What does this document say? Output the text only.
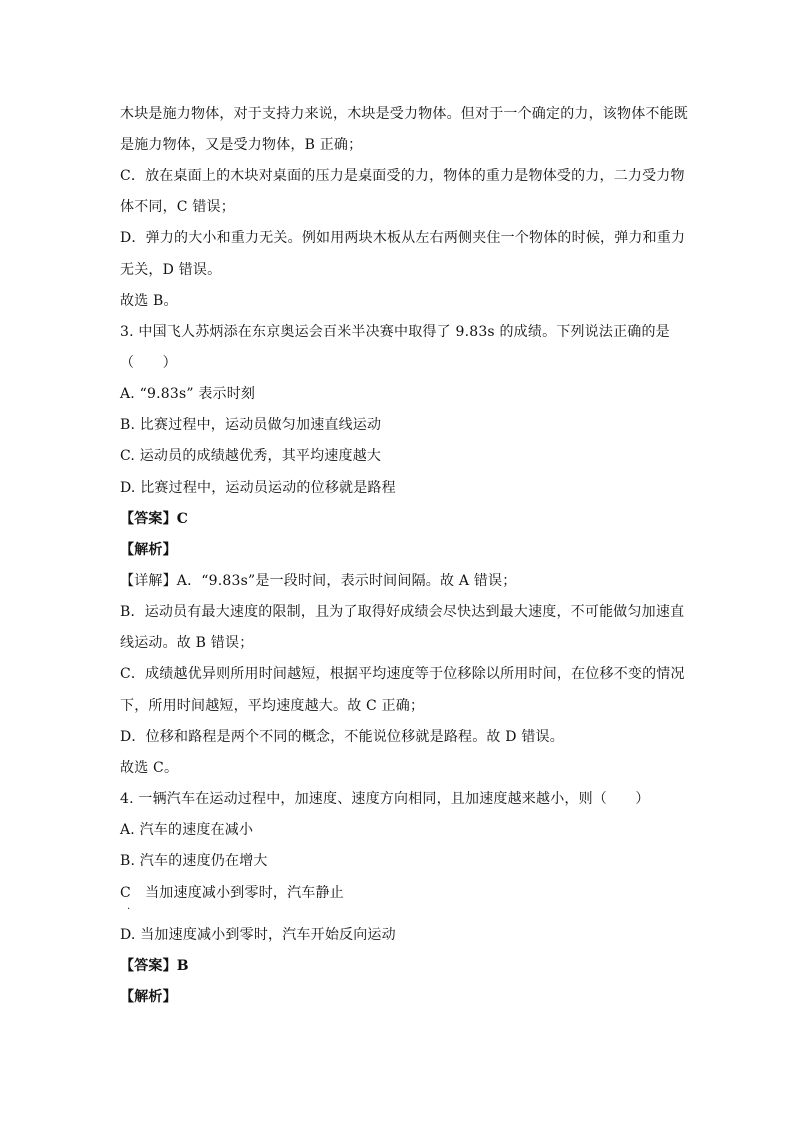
木块是施力物体，对于支持力来说，木块是受力物体。但对于一个确定的力，该物体不能既
是施力物体，又是受力物体，B 正确；
C．放在桌面上的木块对桌面的压力是桌面受的力，物体的重力是物体受的力，二力受力物
体不同，C 错误；
D．弹力的大小和重力无关。例如用两块木板从左右两侧夹住一个物体的时候，弹力和重力
无关，D 错误。
故选 B。
3. 中国飞人苏炳添在东京奥运会百米半决赛中取得了 9.83s 的成绩。下列说法正确的是
（　　）
A. “9.83s” 表示时刻
B. 比赛过程中，运动员做匀加速直线运动
C. 运动员的成绩越优秀，其平均速度越大
D. 比赛过程中，运动员运动的位移就是路程
【答案】C
【解析】
【详解】A．“9.83s”是一段时间，表示时间间隔。故 A 错误；
B．运动员有最大速度的限制，且为了取得好成绩会尽快达到最大速度，不可能做匀加速直
线运动。故 B 错误；
C．成绩越优异则所用时间越短，根据平均速度等于位移除以所用时间，在位移不变的情况
下，所用时间越短，平均速度越大。故 C 正确；
D．位移和路程是两个不同的概念，不能说位移就是路程。故 D 错误。
故选 C。
4. 一辆汽车在运动过程中，加速度、速度方向相同，且加速度越来越小，则（　　）
A. 汽车的速度在减小
B. 汽车的速度仍在增大
C　当加速度减小到零时，汽车静止
.
D. 当加速度减小到零时，汽车开始反向运动
【答案】B
【解析】
